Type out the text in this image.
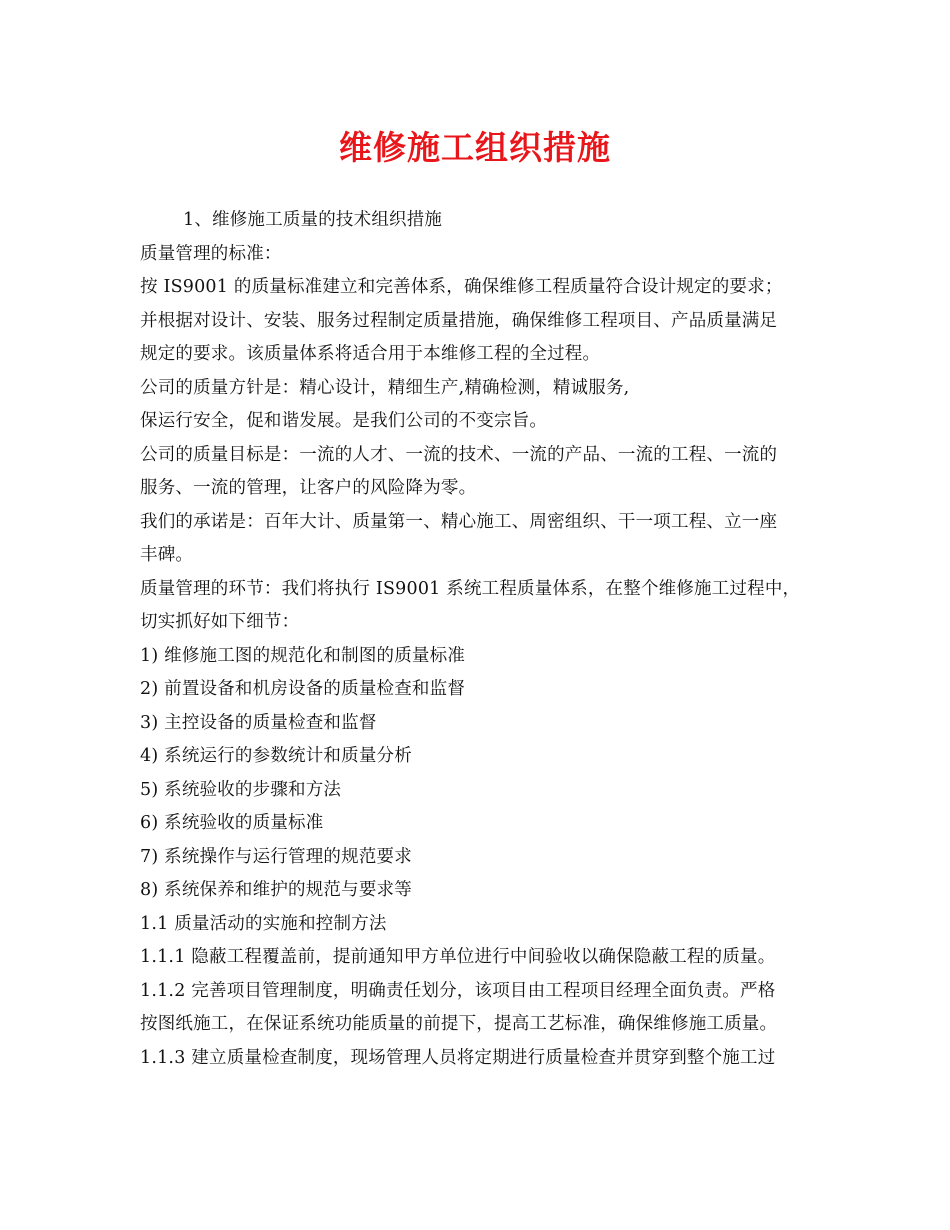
维修施工组织措施
1、维修施工质量的技术组织措施
质量管理的标准：
按 IS9001 的质量标准建立和完善体系，确保维修工程质量符合设计规定的要求；
并根据对设计、安装、服务过程制定质量措施，确保维修工程项目、产品质量满足
规定的要求。该质量体系将适合用于本维修工程的全过程。
公司的质量方针是：精心设计，精细生产,精确检测，精诚服务,
保运行安全，促和谐发展。是我们公司的不变宗旨。
公司的质量目标是：一流的人才、一流的技术、一流的产品、一流的工程、一流的
服务、一流的管理，让客户的风险降为零。
我们的承诺是：百年大计、质量第一、精心施工、周密组织、干一项工程、立一座
丰碑。
质量管理的环节：我们将执行 IS9001 系统工程质量体系，在整个维修施工过程中，
切实抓好如下细节：
1) 维修施工图的规范化和制图的质量标准
2) 前置设备和机房设备的质量检查和监督
3) 主控设备的质量检查和监督
4) 系统运行的参数统计和质量分析
5) 系统验收的步骤和方法
6) 系统验收的质量标准
7) 系统操作与运行管理的规范要求
8) 系统保养和维护的规范与要求等
1.1 质量活动的实施和控制方法
1.1.1 隐蔽工程覆盖前，提前通知甲方单位进行中间验收以确保隐蔽工程的质量。
1.1.2 完善项目管理制度，明确责任划分，该项目由工程项目经理全面负责。严格
按图纸施工，在保证系统功能质量的前提下，提高工艺标准，确保维修施工质量。
1.1.3 建立质量检查制度，现场管理人员将定期进行质量检查并贯穿到整个施工过
